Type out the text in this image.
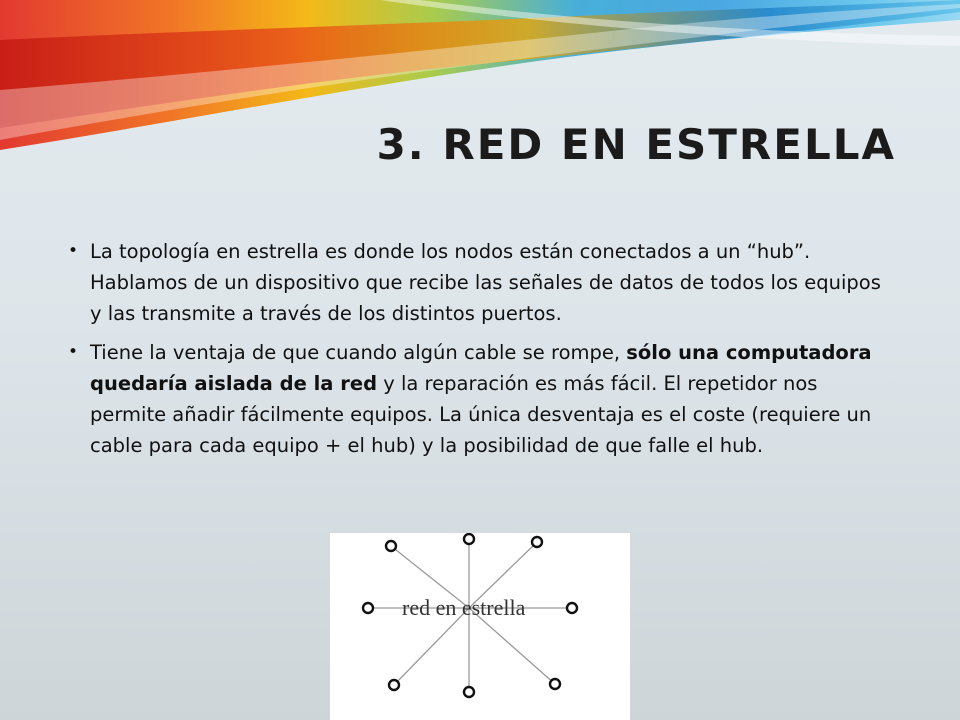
3. RED EN ESTRELLA
• La topología en estrella es donde los nodos están conectados a un “hub”. Hablamos de un dispositivo que recibe las señales de datos de todos los equipos y las transmite a través de los distintos puertos.
• Tiene la ventaja de que cuando algún cable se rompe, sólo una computadora quedaría aislada de la red y la reparación es más fácil. El repetidor nos permite añadir fácilmente equipos. La única desventaja es el coste (requiere un cable para cada equipo + el hub) y la posibilidad de que falle el hub.
red en estrella
